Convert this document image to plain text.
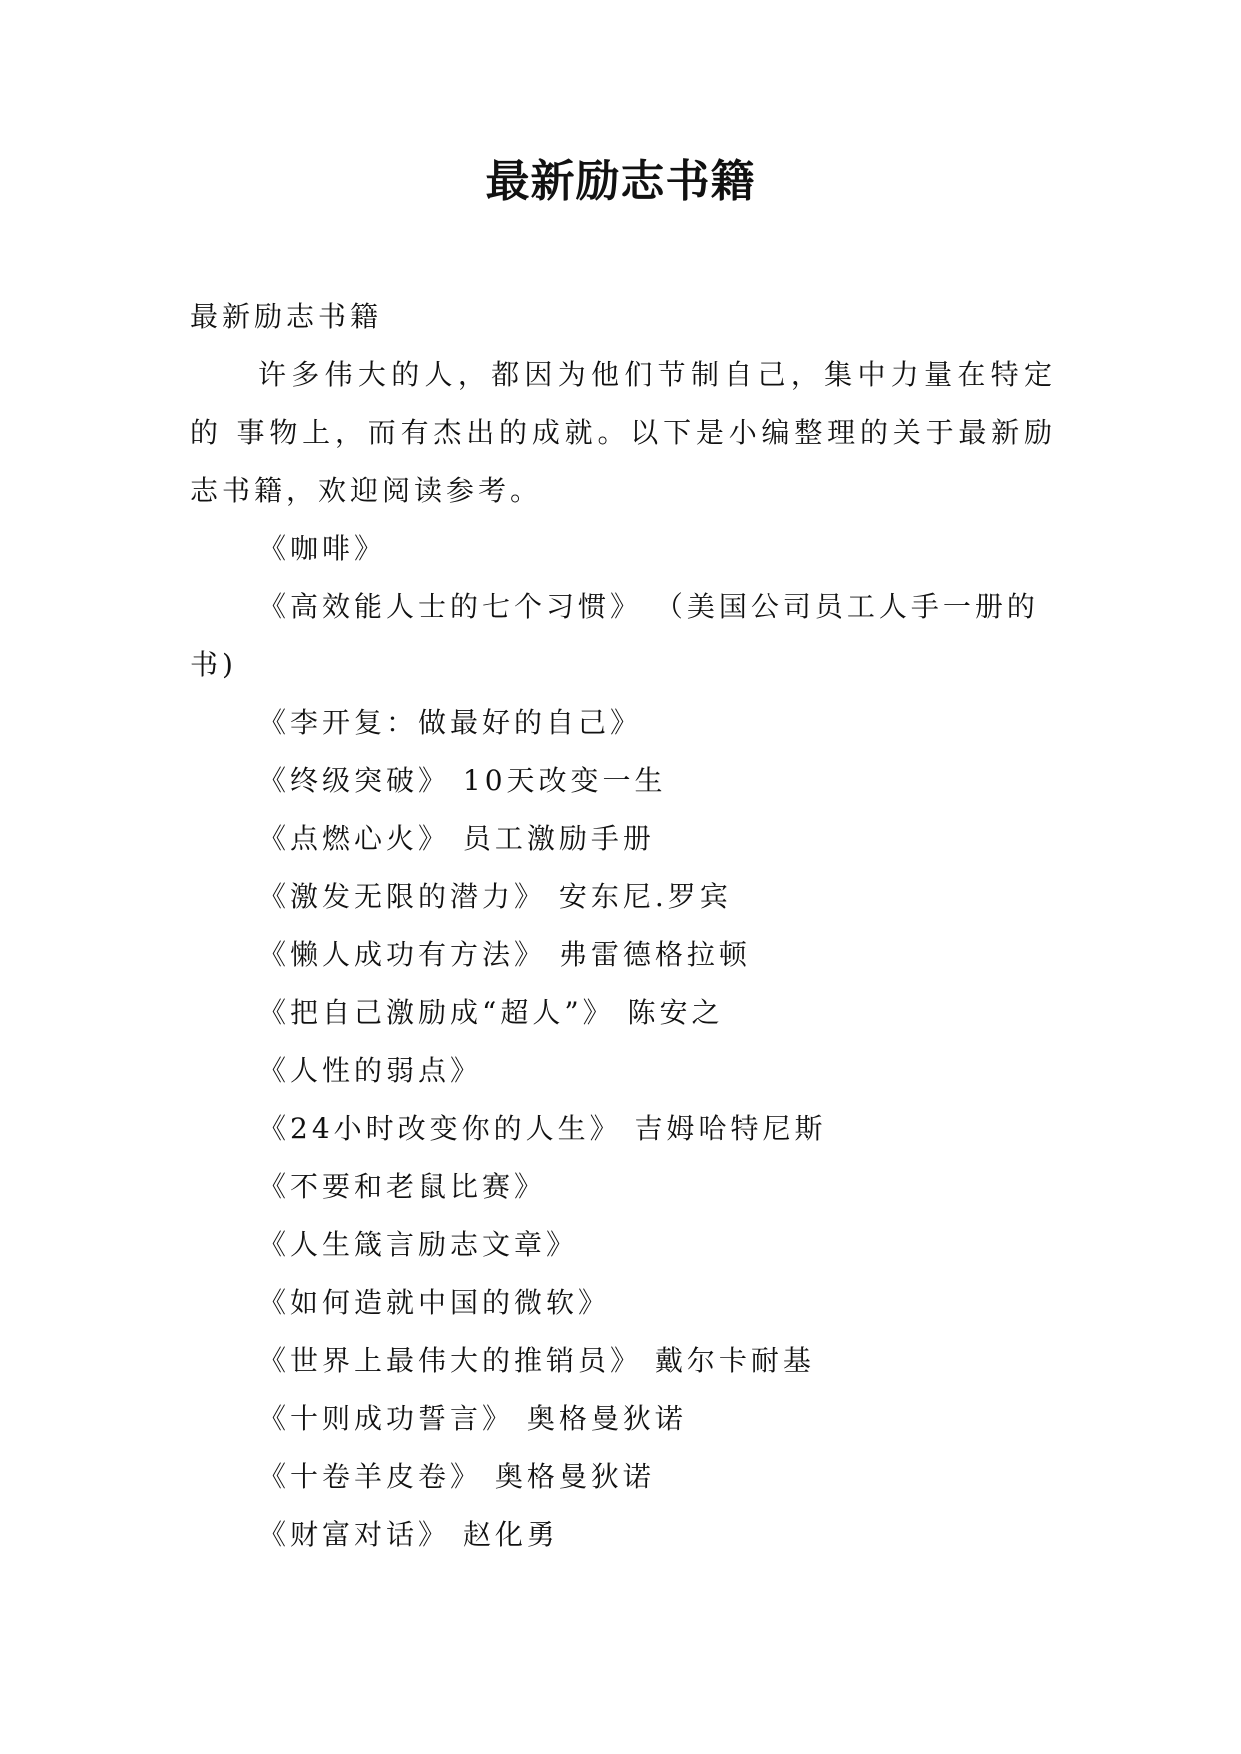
最新励志书籍

最新励志书籍

许多伟大的人，都因为他们节制自己，集中力量在特定的 事物上，而有杰出的成就。以下是小编整理的关于最新励志书籍，欢迎阅读参考。

《咖啡》

《高效能人士的七个习惯》 （美国公司员工人手一册的书)

《李开复：做最好的自己》

《终级突破》 10天改变一生

《点燃心火》 员工激励手册

《激发无限的潜力》 安东尼.罗宾

《懒人成功有方法》 弗雷德格拉顿

《把自己激励成“超人”》 陈安之

《人性的弱点》

《24小时改变你的人生》 吉姆哈特尼斯

《不要和老鼠比赛》

《人生箴言励志文章》

《如何造就中国的微软》

《世界上最伟大的推销员》 戴尔卡耐基

《十则成功誓言》 奥格曼狄诺

《十卷羊皮卷》 奥格曼狄诺

《财富对话》 赵化勇
